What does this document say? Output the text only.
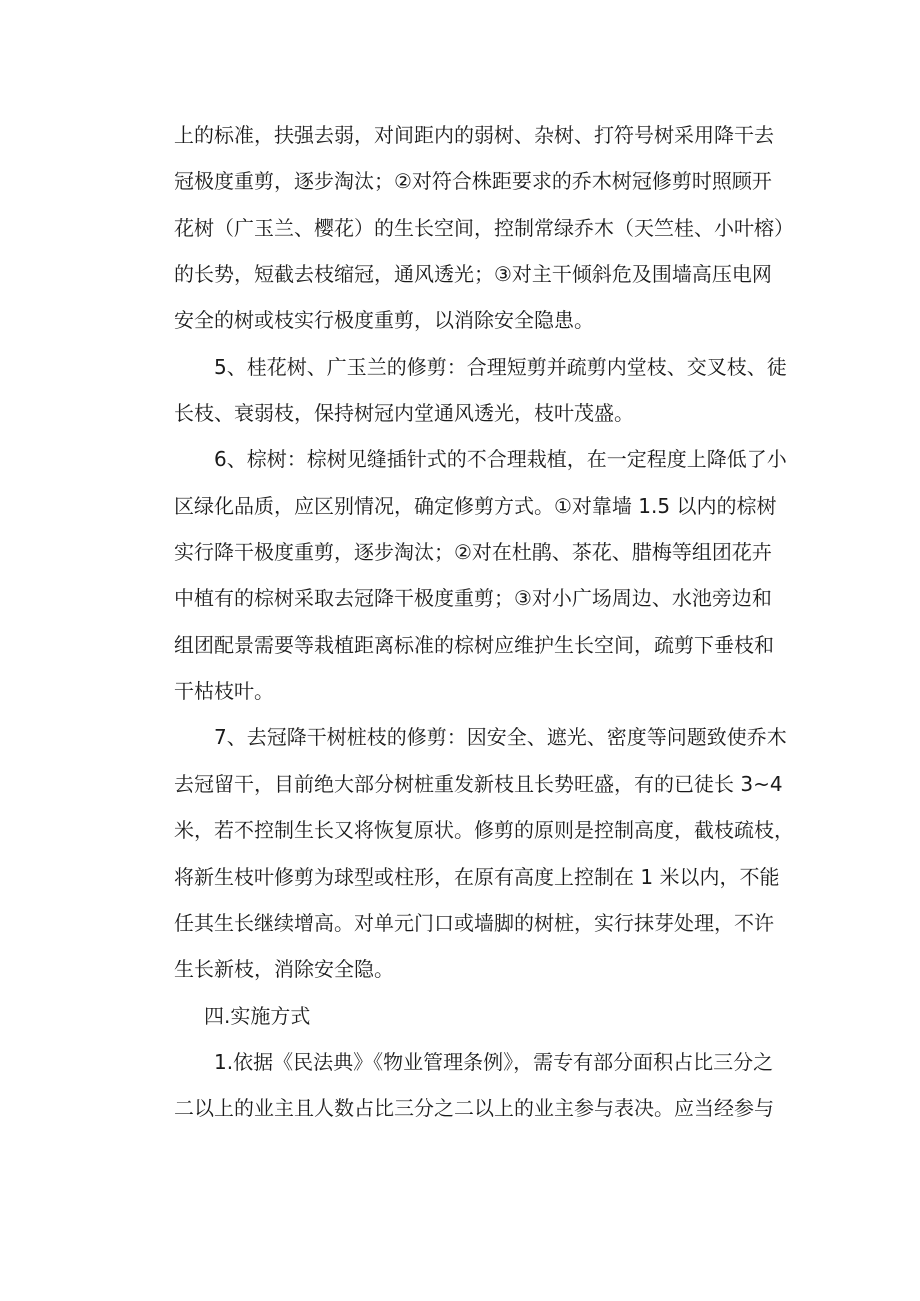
上的标准，扶强去弱，对间距内的弱树、杂树、打符号树采用降干去
冠极度重剪，逐步淘汰；②对符合株距要求的乔木树冠修剪时照顾开
花树（广玉兰、樱花）的生长空间，控制常绿乔木（天竺桂、小叶榕）
的长势，短截去枝缩冠，通风透光；③对主干倾斜危及围墙高压电网
安全的树或枝实行极度重剪，以消除安全隐患。
5、桂花树、广玉兰的修剪：合理短剪并疏剪内堂枝、交叉枝、徒
长枝、衰弱枝，保持树冠内堂通风透光，枝叶茂盛。
6、棕树：棕树见缝插针式的不合理栽植，在一定程度上降低了小
区绿化品质，应区别情况，确定修剪方式。①对靠墙 1.5 以内的棕树
实行降干极度重剪，逐步淘汰；②对在杜鹃、茶花、腊梅等组团花卉
中植有的棕树采取去冠降干极度重剪；③对小广场周边、水池旁边和
组团配景需要等栽植距离标准的棕树应维护生长空间，疏剪下垂枝和
干枯枝叶。
7、去冠降干树桩枝的修剪：因安全、遮光、密度等问题致使乔木
去冠留干，目前绝大部分树桩重发新枝且长势旺盛，有的已徒长 3~4
米，若不控制生长又将恢复原状。修剪的原则是控制高度，截枝疏枝，
将新生枝叶修剪为球型或柱形，在原有高度上控制在 1 米以内，不能
任其生长继续增高。对单元门口或墙脚的树桩，实行抹芽处理，不许
生长新枝，消除安全隐。
四.实施方式
1.依据《民法典》《物业管理条例》，需专有部分面积占比三分之
二以上的业主且人数占比三分之二以上的业主参与表决。应当经参与
